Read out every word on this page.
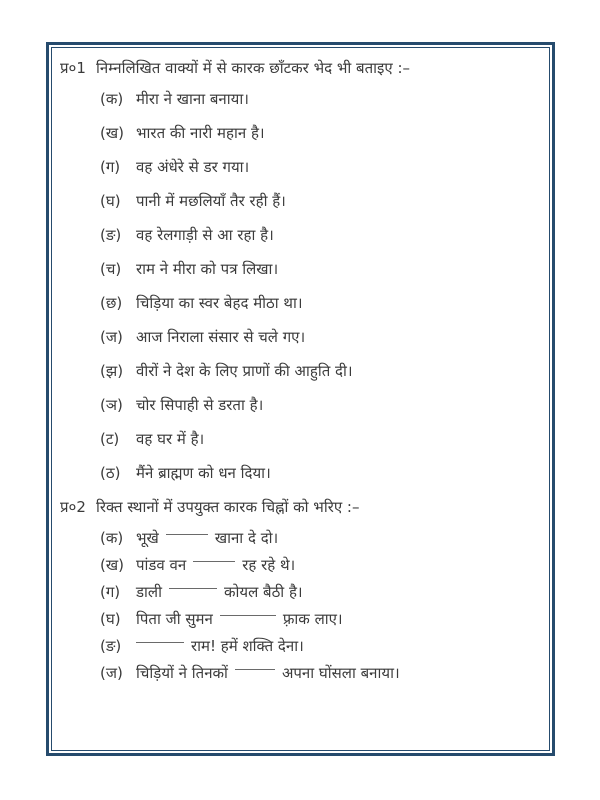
प्र०1 निम्नलिखित वाक्यों में से कारक छाँटकर भेद भी बताइए :–
(क) मीरा ने खाना बनाया।
(ख) भारत की नारी महान है।
(ग)	वह अंधेरे से डर गया।
(घ)	पानी में मछलियाँ तैर रही हैं।
(ङ) वह रेलगाड़ी से आ रहा है।
(च) राम ने मीरा को पत्र लिखा।
(छ) चिड़िया का स्वर बेहद मीठा था।
(ज) आज निराला संसार से चले गए।
(झ) वीरों ने देश के लिए प्राणों की आहुति दी।
(ञ) चोर सिपाही से डरता है।
(ट)	वह घर में है।
(ठ)	मैंने ब्राह्मण को धन दिया।
प्र०2 रिक्त स्थानों में उपयुक्त कारक चिह्नों को भरिए :–
(क) भूखे	खाना दे दो।
(ख) पांडव वन	रह रहे थे।
(ग)	डाली	कोयल बैठी है।
(घ)	पिता जी सुमन	फ़्राक लाए।
(ङ)	राम! हमें शक्ति देना।
(ज) चिड़ियों ने तिनकों	अपना घोंसला बनाया।
